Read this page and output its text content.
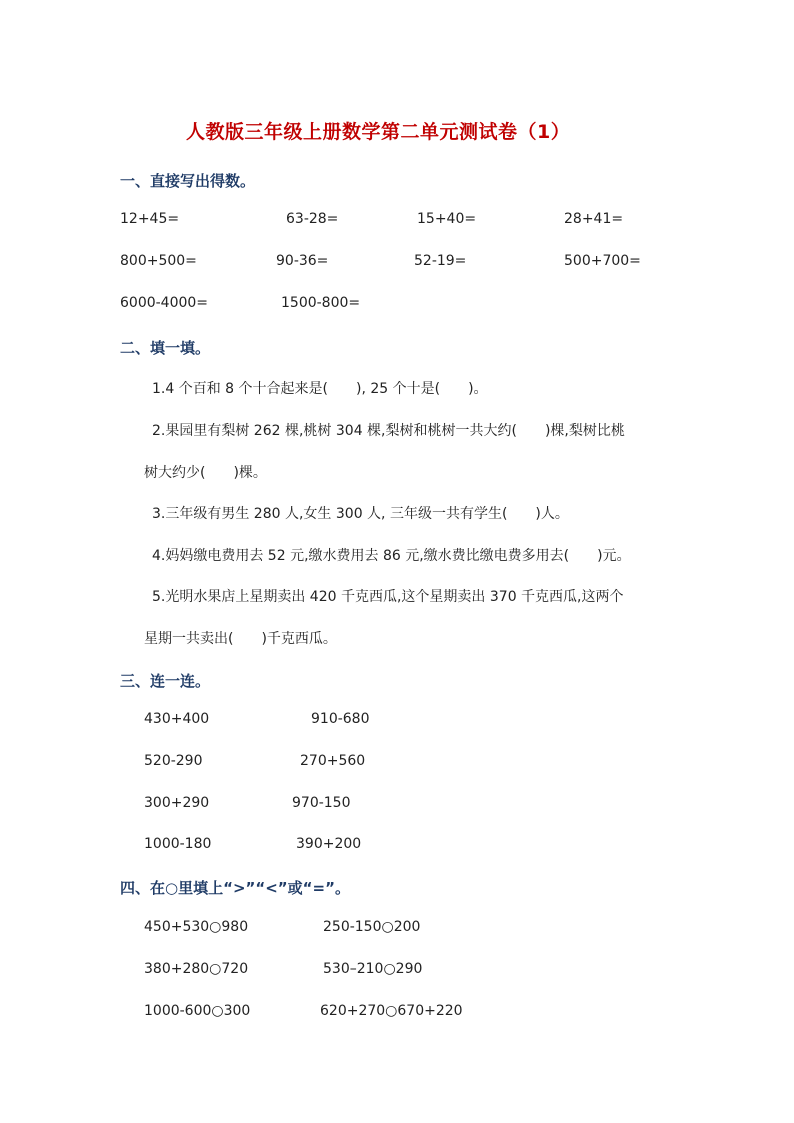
人教版三年级上册数学第二单元测试卷（1）
一、直接写出得数。
12+45=	63-28=	15+40=	28+41=
800+500=	90-36=	52-19=	500+700=
6000-4000=	1500-800=
二、填一填。
1.4 个百和 8 个十合起来是(　　), 25 个十是(　　)。
2.果园里有梨树 262 棵,桃树 304 棵,梨树和桃树一共大约(　　)棵,梨树比桃
树大约少(　　)棵。
3.三年级有男生 280 人,女生 300 人, 三年级一共有学生(　　)人。
4.妈妈缴电费用去 52 元,缴水费用去 86 元,缴水费比缴电费多用去(　　)元。
5.光明水果店上星期卖出 420 千克西瓜,这个星期卖出 370 千克西瓜,这两个
星期一共卖出(　　)千克西瓜。
三、连一连。
430+400	910-680
520-290	270+560
300+290	970-150
1000-180	390+200
四、在○里填上“>”“<”或“=”。
450+530○980	250-150○200
380+280○720	530–210○290
1000-600○300	620+270○670+220
